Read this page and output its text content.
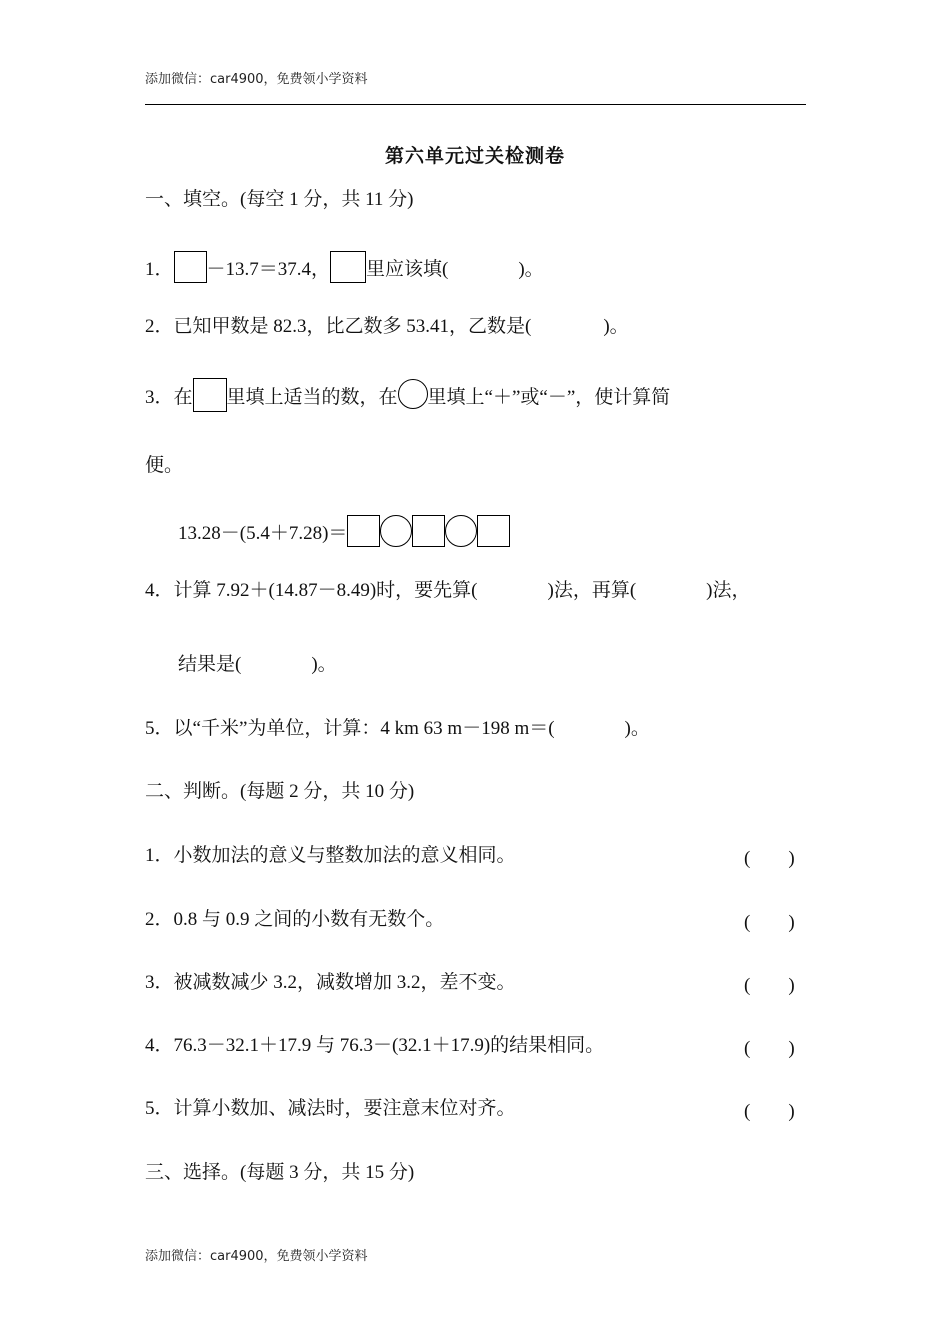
添加微信：car4900，免费领小学资料
第六单元过关检测卷
一、填空。(每空 1 分，共 11 分)
1． －13.7＝37.4， 里应该填(	)。
2．已知甲数是 82.3，比乙数多 53.41，乙数是(	)。
3．在 里填上适当的数，在 里填上“＋”或“－”，使计算简
便。
13.28－(5.4＋7.28)＝
4．计算 7.92＋(14.87－8.49)时，要先算(	)法，再算(	)法，
结果是(	)。
5．以“千米”为单位，计算：4 km 63 m－198 m＝(	)。
二、判断。(每题 2 分，共 10 分)
1．小数加法的意义与整数加法的意义相同。	(　　)
2．0.8 与 0.9 之间的小数有无数个。	(　　)
3．被减数减少 3.2，减数增加 3.2，差不变。	(　　)
4．76.3－32.1＋17.9 与 76.3－(32.1＋17.9)的结果相同。	(　　)
5．计算小数加、减法时，要注意末位对齐。	(　　)
三、选择。(每题 3 分，共 15 分)
添加微信：car4900，免费领小学资料
